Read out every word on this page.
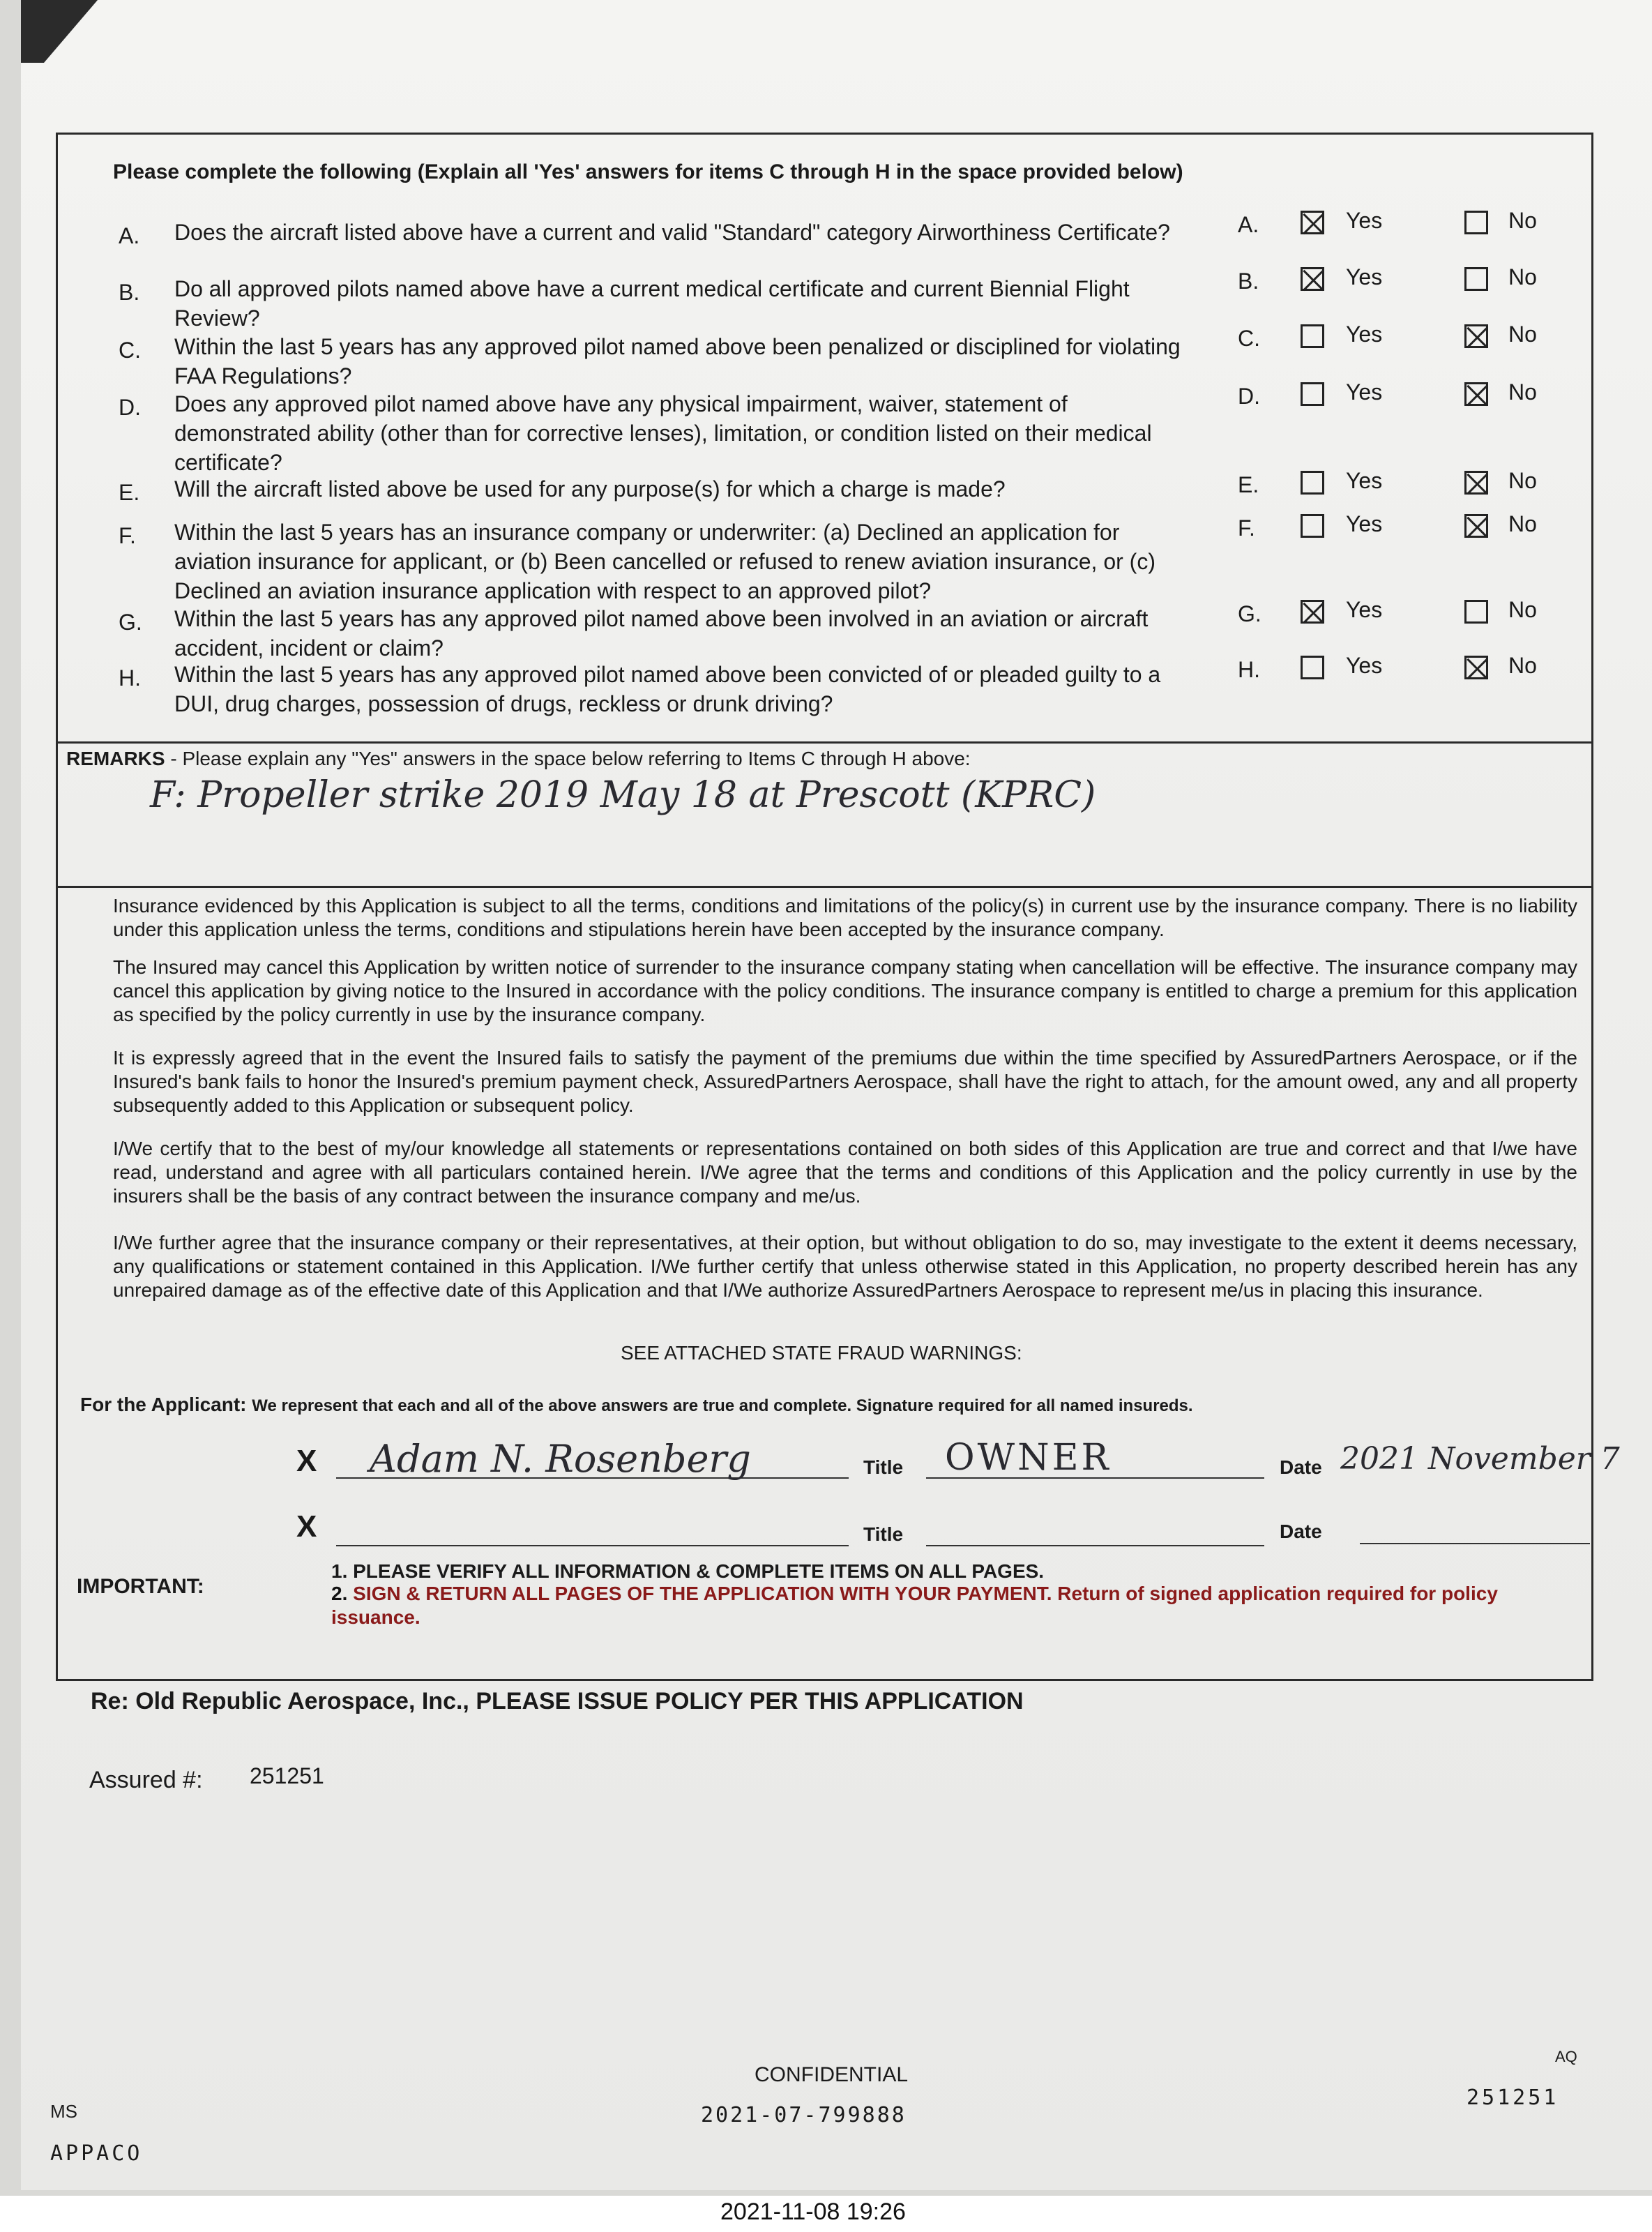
Please complete the following (Explain all 'Yes' answers for items C through H in the space provided below)
A. Does the aircraft listed above have a current and valid "Standard" category Airworthiness Certificate?	A.	Yes	No
B. Do all approved pilots named above have a current medical certificate and current Biennial Flight Review?
B.	Yes	No
C. Within the last 5 years has any approved pilot named above been penalized or disciplined for violating FAA Regulations?
C.	Yes	No
D. Does any approved pilot named above have any physical impairment, waiver, statement of demonstrated ability (other than for corrective lenses), limitation, or condition listed on their medical certificate?
D.	Yes	No
E. Will the aircraft listed above be used for any purpose(s) for which a charge is made?	E.	Yes	No
F. Within the last 5 years has an insurance company or underwriter: (a) Declined an application for aviation insurance for applicant, or (b) Been cancelled or refused to renew aviation insurance, or (c) Declined an aviation insurance application with respect to an approved pilot?
F.	Yes	No
G. Within the last 5 years has any approved pilot named above been involved in an aviation or aircraft accident, incident or claim?
G.	Yes	No
H. Within the last 5 years has any approved pilot named above been convicted of or pleaded guilty to a DUI, drug charges, possession of drugs, reckless or drunk driving?
H.	Yes	No
REMARKS - Please explain any "Yes" answers in the space below referring to Items C through H above:
F: Propeller strike 2019 May 18 at Prescott (KPRC)
Insurance evidenced by this Application is subject to all the terms, conditions and limitations of the policy(s) in current use by the insurance company. There is no liability under this application unless the terms, conditions and stipulations herein have been accepted by the insurance company.
The Insured may cancel this Application by written notice of surrender to the insurance company stating when cancellation will be effective. The insurance company may cancel this application by giving notice to the Insured in accordance with the policy conditions. The insurance company is entitled to charge a premium for this application as specified by the policy currently in use by the insurance company.
It is expressly agreed that in the event the Insured fails to satisfy the payment of the premiums due within the time specified by AssuredPartners Aerospace, or if the Insured's bank fails to honor the Insured's premium payment check, AssuredPartners Aerospace, shall have the right to attach, for the amount owed, any and all property subsequently added to this Application or subsequent policy.
I/We certify that to the best of my/our knowledge all statements or representations contained on both sides of this Application are true and correct and that I/we have read, understand and agree with all particulars contained herein. I/We agree that the terms and conditions of this Application and the policy currently in use by the insurers shall be the basis of any contract between the insurance company and me/us.
I/We further agree that the insurance company or their representatives, at their option, but without obligation to do so, may investigate to the extent it deems necessary, any qualifications or statement contained in this Application. I/We further certify that unless otherwise stated in this Application, no property described herein has any unrepaired damage as of the effective date of this Application and that I/We authorize AssuredPartners Aerospace to represent me/us in placing this insurance.
SEE ATTACHED STATE FRAUD WARNINGS:
For the Applicant: We represent that each and all of the above answers are true and complete. Signature required for all named insureds.
X Adam N. Rosenberg	Title OWNER	Date 2021 November 7
X	Title	Date
IMPORTANT:
1. PLEASE VERIFY ALL INFORMATION & COMPLETE ITEMS ON ALL PAGES.
2. SIGN & RETURN ALL PAGES OF THE APPLICATION WITH YOUR PAYMENT. Return of signed application required for policy issuance.
Re: Old Republic Aerospace, Inc., PLEASE ISSUE POLICY PER THIS APPLICATION
Assured #: 251251
CONFIDENTIAL
2021-07-799888
MS
APPACO
AQ
251251
2021-11-08 19:26
